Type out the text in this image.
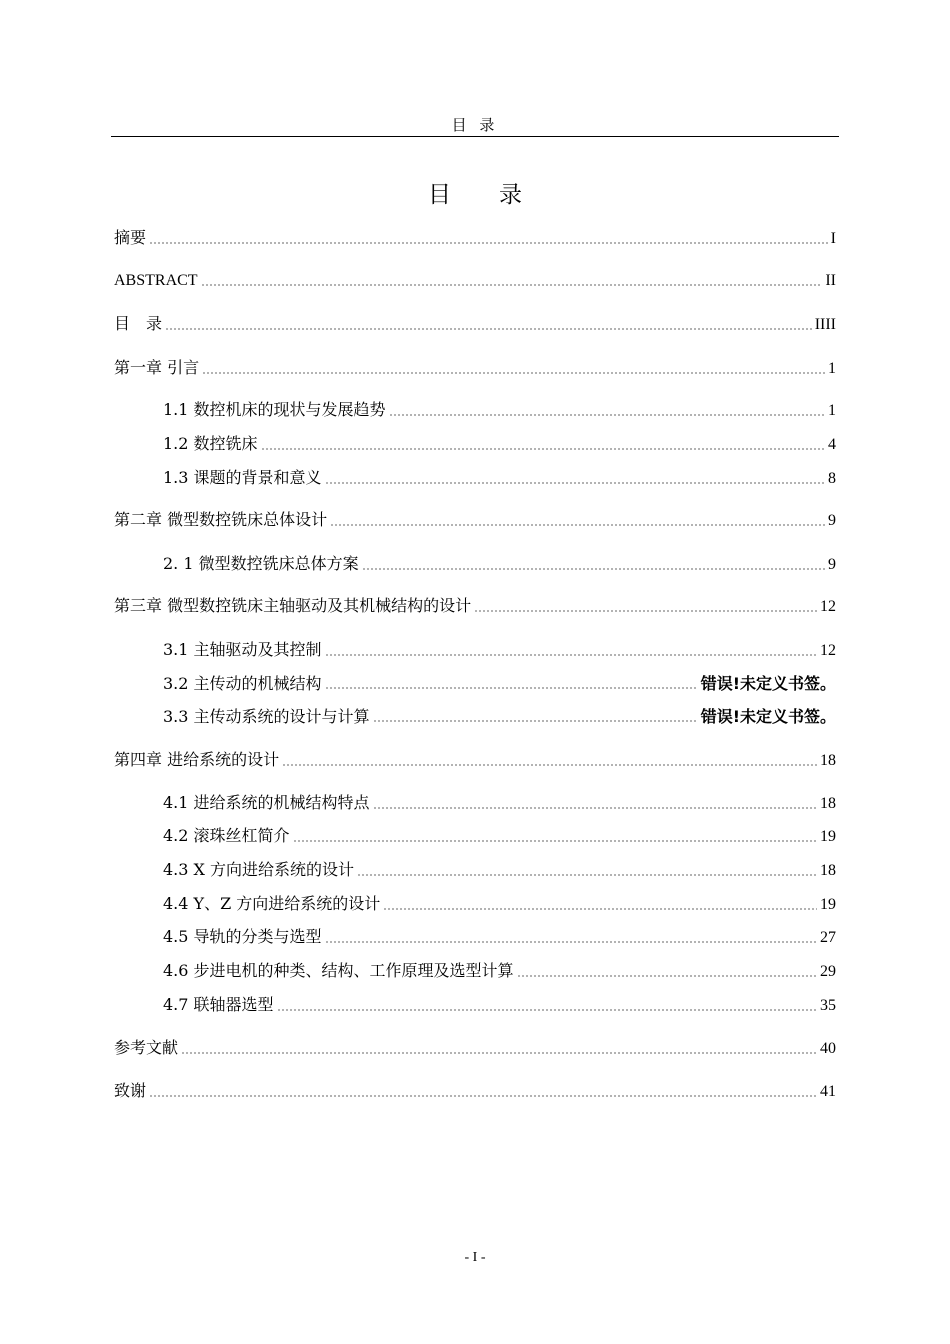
目 录
目 录
摘要	I
ABSTRACT	II
目　录	IIII
第一章 引言	1
1.1 数控机床的现状与发展趋势	1
1.2 数控铣床	4
1.3 课题的背景和意义	8
第二章 微型数控铣床总体设计	9
2. 1 微型数控铣床总体方案	9
第三章 微型数控铣床主轴驱动及其机械结构的设计	12
3.1 主轴驱动及其控制	12
3.2 主传动的机械结构	错误!未定义书签。
3.3 主传动系统的设计与计算	错误!未定义书签。
第四章 进给系统的设计	18
4.1 进给系统的机械结构特点	18
4.2 滚珠丝杠简介	19
4.3 X 方向进给系统的设计	18
4.4 Y、Z 方向进给系统的设计	19
4.5 导轨的分类与选型	27
4.6 步进电机的种类、结构、工作原理及选型计算	29
4.7 联轴器选型	35
参考文献	40
致谢	41
- I -
